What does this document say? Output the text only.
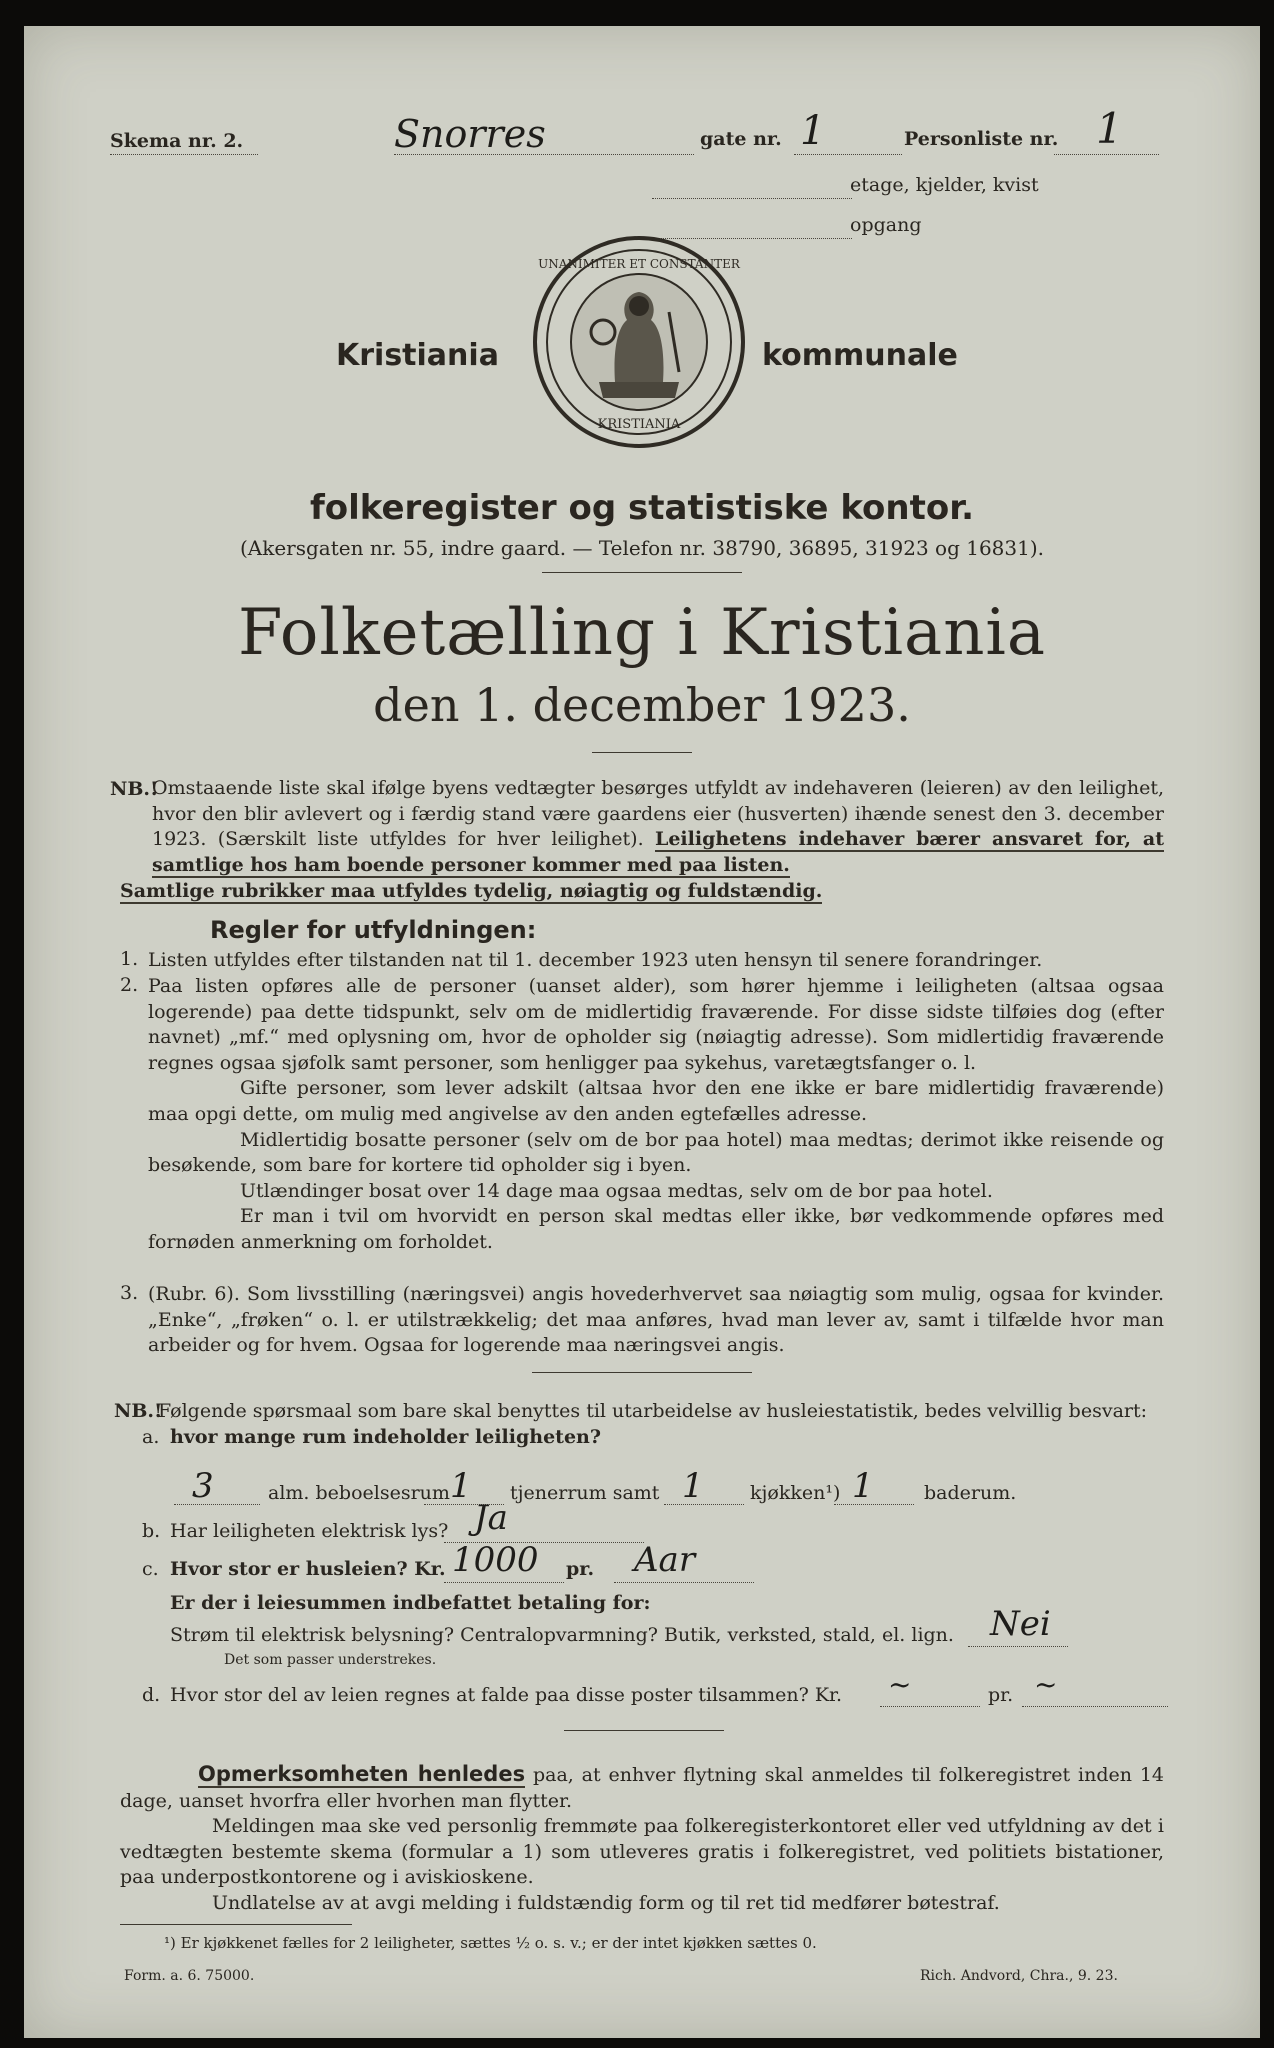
Skema nr. 2.	Snorres	gate nr. 1	Personliste nr. 1
etage, kjelder, kvist
opgang
Kristiania
UNANIMITER ET CONSTANTER
KRISTIANIA
kommunale
folkeregister og statistiske kontor.
(Akersgaten nr. 55, indre gaard. — Telefon nr. 38790, 36895, 31923 og 16831).
Folketælling i Kristiania
den 1. december 1923.
NB.!

Omstaaende liste skal ifølge byens vedtægter besørges utfyldt av indehaveren (leieren) av den leilighet, hvor den blir avlevert og i færdig stand være gaardens eier (husverten) ihænde senest den 3. december 1923. (Særskilt liste utfyldes for hver leilighet). Leilighetens indehaver bærer ansvaret for, at samtlige hos ham boende personer kommer med paa listen.

Samtlige rubrikker maa utfyldes tydelig, nøiagtig og fuldstændig.
Regler for utfyldningen:
1. Listen utfyldes efter tilstanden nat til 1. december 1923 uten hensyn til senere forandringer.

2. Paa listen opføres alle de personer (uanset alder), som hører hjemme i leiligheten (altsaa ogsaa logerende) paa dette tidspunkt, selv om de midlertidig fraværende. For disse sidste tilføies dog (efter navnet) „mf.“ med oplysning om, hvor de opholder sig (nøiagtig adresse). Som midlertidig fraværende regnes ogsaa sjøfolk samt personer, som henligger paa sykehus, varetægtsfanger o. l.

Gifte personer, som lever adskilt (altsaa hvor den ene ikke er bare midlertidig fraværende) maa opgi dette, om mulig med angivelse av den anden egtefælles adresse.

Midlertidig bosatte personer (selv om de bor paa hotel) maa medtas; derimot ikke reisende og besøkende, som bare for kortere tid opholder sig i byen.

Utlændinger bosat over 14 dage maa ogsaa medtas, selv om de bor paa hotel.

Er man i tvil om hvorvidt en person skal medtas eller ikke, bør vedkommende opføres med fornøden anmerkning om forholdet.

3. (Rubr. 6). Som livsstilling (næringsvei) angis hovederhvervet saa nøiagtig som mulig, ogsaa for kvinder. „Enke“, „frøken“ o. l. er utilstrækkelig; det maa anføres, hvad man lever av, samt i tilfælde hvor man arbeider og for hvem. Ogsaa for logerende maa næringsvei angis.

NB.!
Følgende spørsmaal som bare skal benyttes til utarbeidelse av husleiestatistik, bedes velvillig besvart:
a. hvor mange rum indeholder leiligheten?
3	alm. beboelsesrum 1 tjenerrum samt 1 kjøkken¹) 1	baderum.
b. Har leiligheten elektrisk lys? Ja
c. Hvor stor er husleien? Kr. 1000 pr. Aar
Er der i leiesummen indbefattet betaling for:
Strøm til elektrisk belysning? Centralopvarmning? Butik, verksted, stald, el. lign. Nei
Det som passer understrekes.
d. Hvor stor del av leien regnes at falde paa disse poster tilsammen? Kr. ~	pr. ~

Opmerksomheten henledes paa, at enhver flytning skal anmeldes til folkeregistret inden 14 dage, uanset hvorfra eller hvorhen man flytter.

Meldingen maa ske ved personlig fremmøte paa folkeregisterkontoret eller ved utfyldning av det i vedtægten bestemte skema (formular a 1) som utleveres gratis i folkeregistret, ved politiets bistationer, paa underpostkontorene og i aviskioskene.

Undlatelse av at avgi melding i fuldstændig form og til ret tid medfører bøtestraf.

¹) Er kjøkkenet fælles for 2 leiligheter, sættes ½ o. s. v.; er der intet kjøkken sættes 0.
Form. a. 6. 75000.	Rich. Andvord, Chra., 9. 23.
